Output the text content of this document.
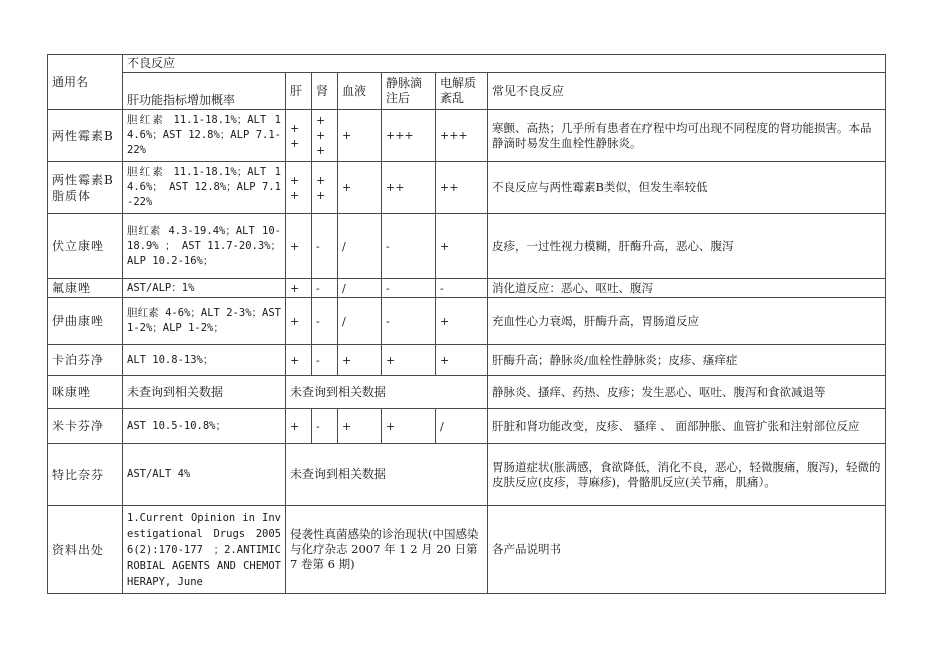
通用名	不良反应						
	肝功能指标增加概率	肝	肾	血液	静脉滴注后	电解质紊乱	常见不良反应
两性霉素B	胆红素 11.1-18.1%；ALT 14.6%；AST 12.8%；ALP 7.1-22%	++	+++	+	+++	+++	寒颤、高热；几乎所有患者在疗程中均可出现不同程度的肾功能损害。本品静滴时易发生血栓性静脉炎。
两性霉素B脂质体	胆红素 11.1-18.1%；ALT 14.6%； AST 12.8%；ALP 7.1-22%	++	++	+	++	++	不良反应与两性霉素B类似，但发生率较低
伏立康唑	胆红素 4.3-19.4%；ALT 10-18.9% ； AST 11.7-20.3%；ALP 10.2-16%；	+	-	/	-	+	皮疹，一过性视力模糊，肝酶升高，恶心、腹泻
氟康唑	AST/ALP：1%	+	-	/	-	-	消化道反应：恶心、呕吐、腹泻
伊曲康唑	胆红素 4-6%；ALT 2-3%；AST 1-2%；ALP 1-2%；	+	-	/	-	+	充血性心力衰竭，肝酶升高，胃肠道反应
卡泊芬净	ALT 10.8-13%；	+	-	+	+	+	肝酶升高；静脉炎/血栓性静脉炎；皮疹、瘙痒症
咪康唑	未查询到相关数据	未查询到相关数据					静脉炎、搔痒、药热、皮疹；发生恶心、呕吐、腹泻和食欲减退等
米卡芬净	AST 10.5-10.8%；	+	-	+	+	/	肝脏和肾功能改变，皮疹、 骚痒 、 面部肿胀、血管扩张和注射部位反应
特比奈芬	AST/ALT 4%	未查询到相关数据					胃肠道症状(胀满感，食欲降低，消化不良，恶心，轻微腹痛，腹泻)，轻微的皮肤反应(皮疹，荨麻疹)，骨骼肌反应(关节痛，肌痛）。
资料出处	1.Current Opinion in Investigational Drugs 2005 6(2):170-177 ；2.ANTIMICROBIAL AGENTS AND CHEMOTHERAPY, June	侵袭性真菌感染的诊治现状(中国感染与化疗杂志 2007 年 1 2 月 20 日第 7 卷第 6 期)					各产品说明书
